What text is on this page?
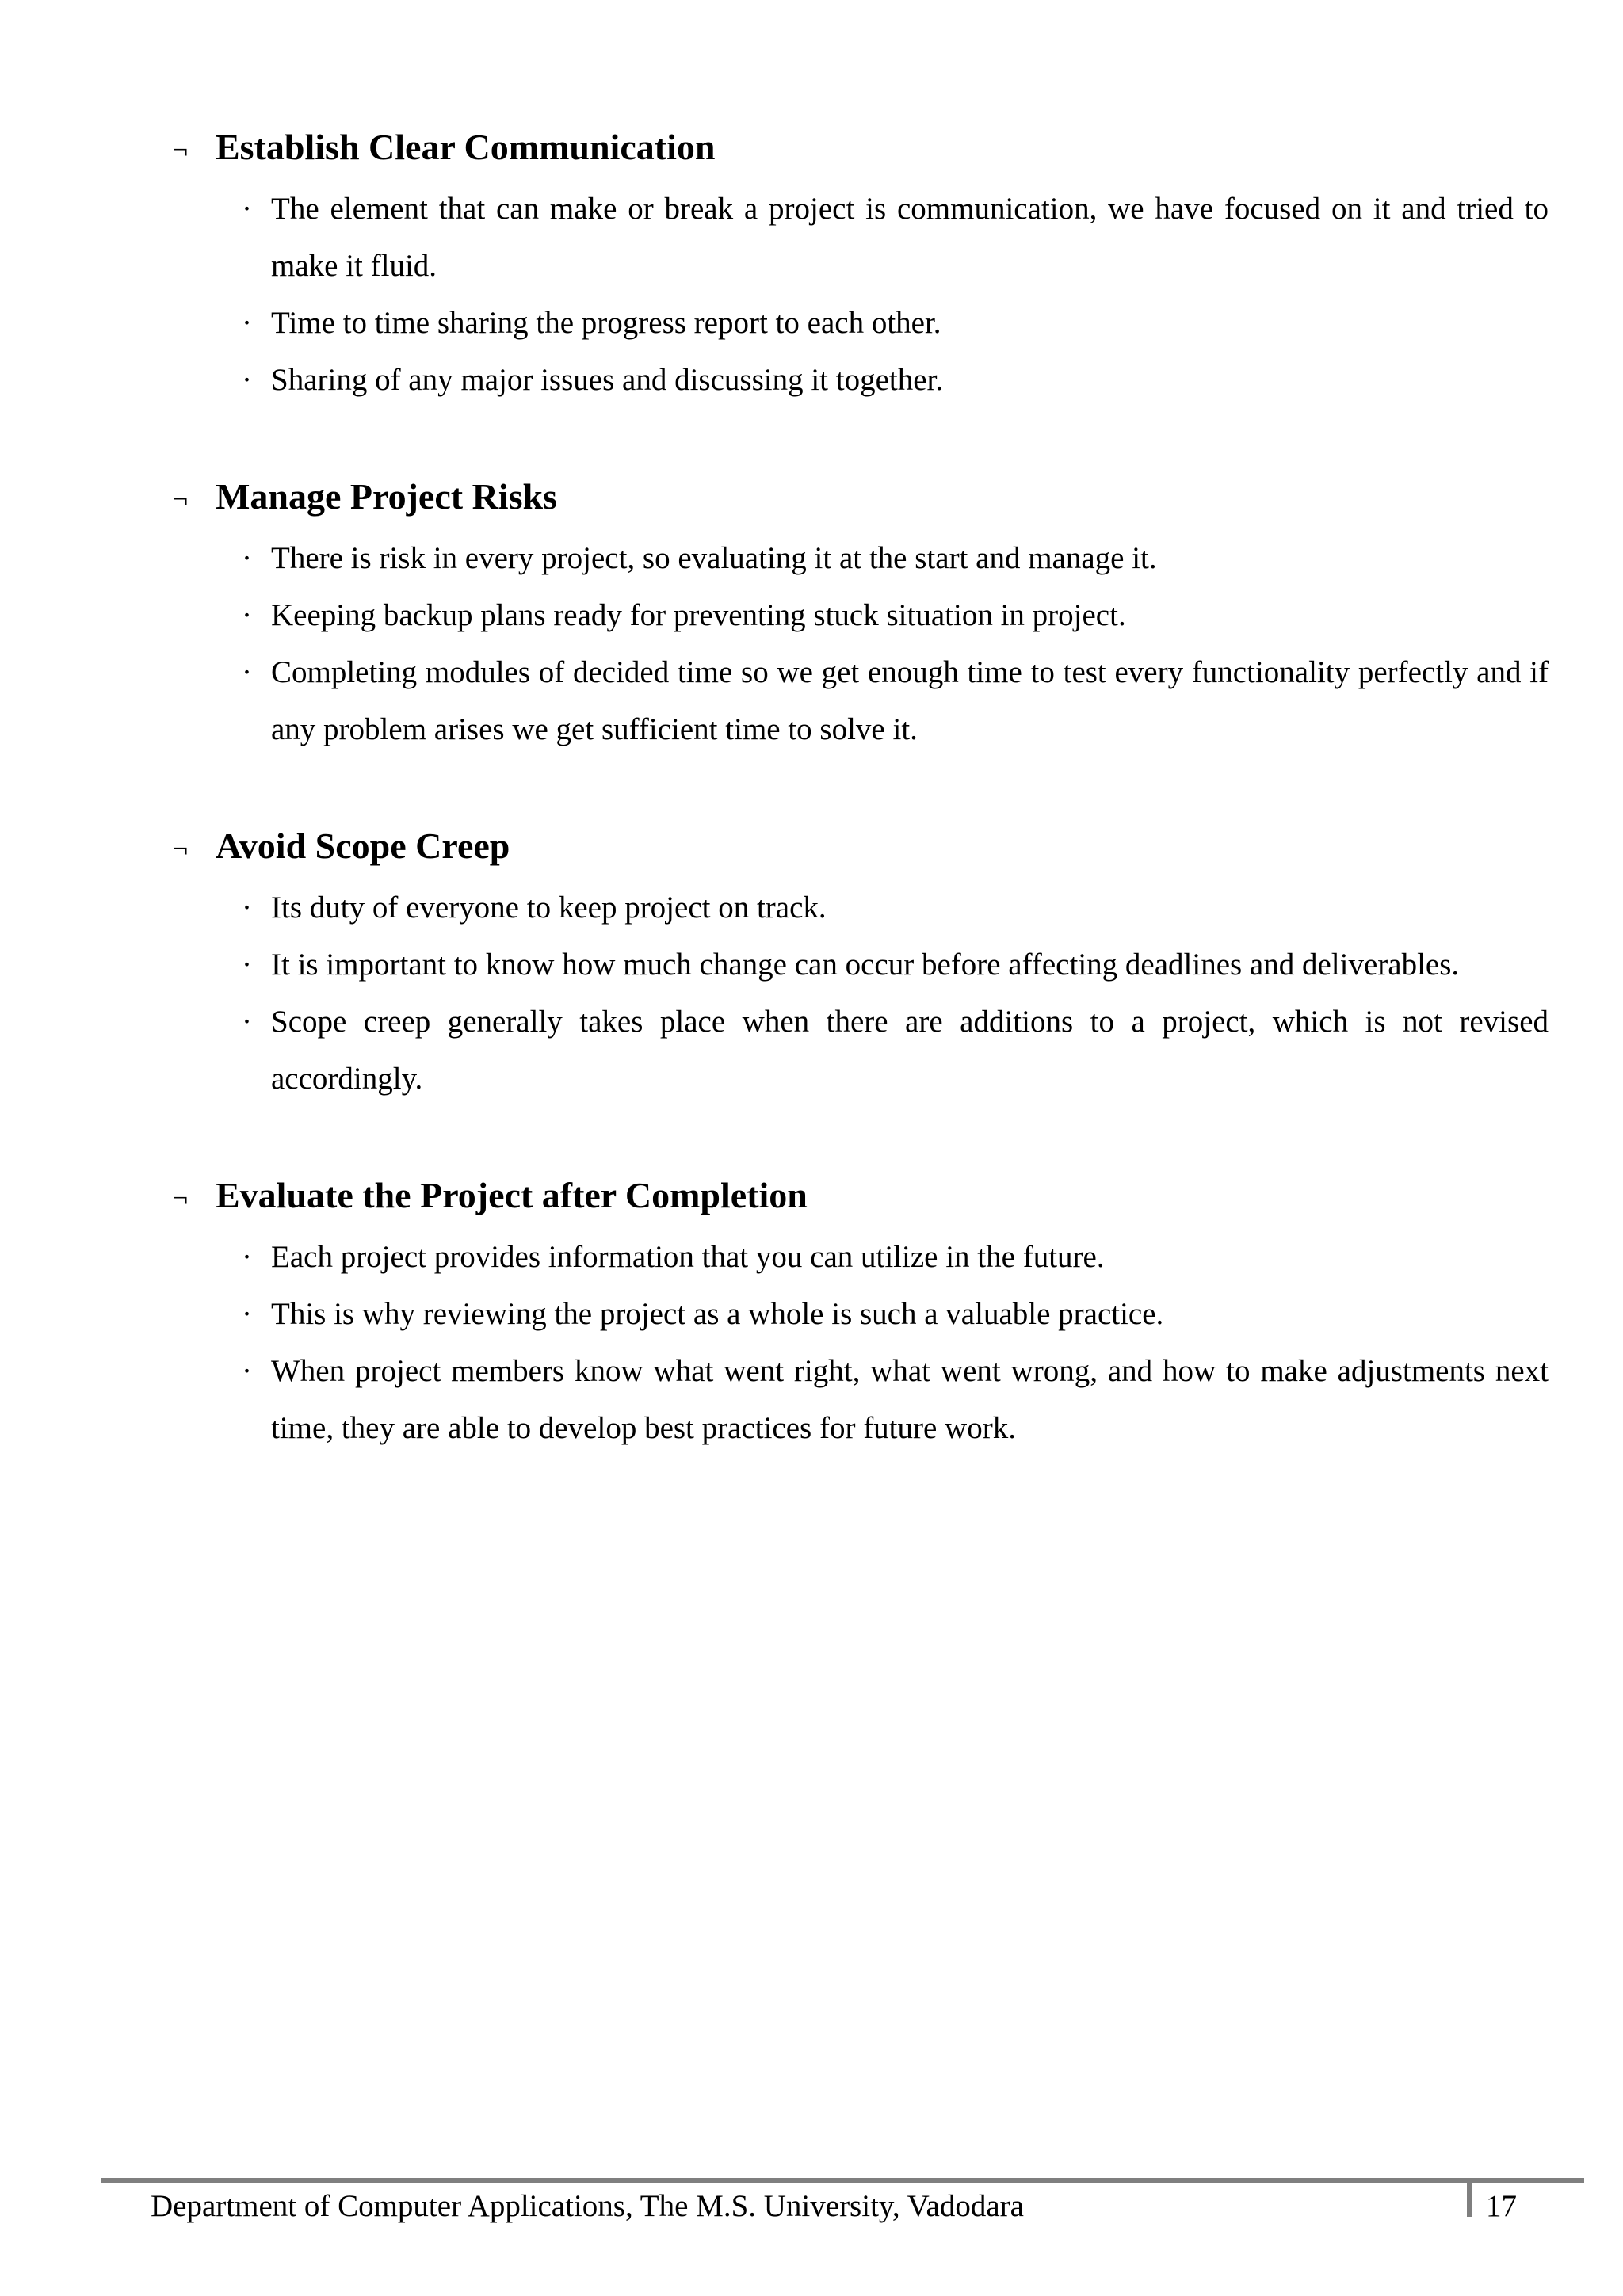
¬ Establish Clear Communication
· The element that can make or break a project is communication, we have focused on it and tried to make it fluid.
· Time to time sharing the progress report to each other.
· Sharing of any major issues and discussing it together.
¬ Manage Project Risks
· There is risk in every project, so evaluating it at the start and manage it.
· Keeping backup plans ready for preventing stuck situation in project.
· Completing modules of decided time so we get enough time to test every functionality perfectly and if any problem arises we get sufficient time to solve it.
¬ Avoid Scope Creep
· Its duty of everyone to keep project on track.
· It is important to know how much change can occur before affecting deadlines and deliverables.
· Scope creep generally takes place when there are additions to a project, which is not revised accordingly.
¬ Evaluate the Project after Completion
· Each project provides information that you can utilize in the future.
· This is why reviewing the project as a whole is such a valuable practice.
· When project members know what went right, what went wrong, and how to make adjustments next time, they are able to develop best practices for future work.
Department of Computer Applications, The M.S. University, Vadodara	17
